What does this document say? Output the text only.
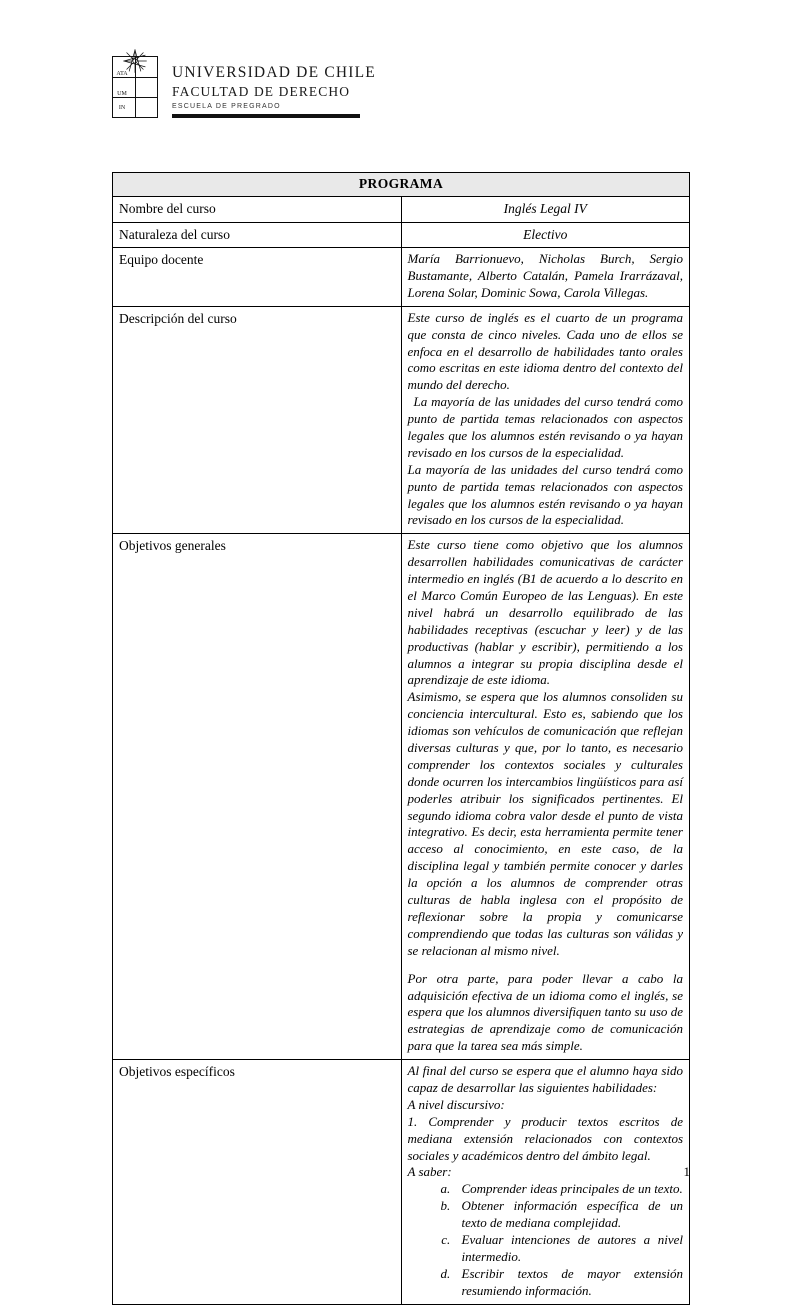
ATA
UM
IN
UNIVERSIDAD DE CHILE
FACULTAD DE DERECHO
ESCUELA DE PREGRADO
PROGRAMA	
Nombre del curso	Inglés Legal IV
Naturaleza del curso	Electivo
Equipo docente	María Barrionuevo, Nicholas Burch, Sergio Bustamante, Alberto Catalán, Pamela Irarrázaval, Lorena Solar, Dominic Sowa, Carola Villegas.

Descripción del curso	Este curso de inglés es el cuarto de un programa que consta de cinco niveles. Cada uno de ellos se enfoca en el desarrollo de habilidades tanto orales como escritas en este idioma dentro del contexto del mundo del derecho.

La mayoría de las unidades del curso tendrá como punto de partida temas relacionados con aspectos legales que los alumnos estén revisando o ya hayan revisado en los cursos de la especialidad.

La mayoría de las unidades del curso tendrá como punto de partida temas relacionados con aspectos legales que los alumnos estén revisando o ya hayan revisado en los cursos de la especialidad.

Objetivos generales	Este curso tiene como objetivo que los alumnos desarrollen habilidades comunicativas de carácter intermedio en inglés (B1 de acuerdo a lo descrito en el Marco Común Europeo de las Lenguas). En este nivel habrá un desarrollo equilibrado de las habilidades receptivas (escuchar y leer) y de las productivas (hablar y escribir), permitiendo a los alumnos a integrar su propia disciplina desde el aprendizaje de este idioma.

Asimismo, se espera que los alumnos consoliden su conciencia intercultural. Esto es, sabiendo que los idiomas son vehículos de comunicación que reflejan diversas culturas y que, por lo tanto, es necesario comprender los contextos sociales y culturales donde ocurren los intercambios lingüísticos para así poderles atribuir los significados pertinentes. El segundo idioma cobra valor desde el punto de vista integrativo. Es decir, esta herramienta permite tener acceso al conocimiento, en este caso, de la disciplina legal y también permite conocer y darles la opción a los alumnos de comprender otras culturas de habla inglesa con el propósito de reflexionar sobre la propia y comunicarse comprendiendo que todas las culturas son válidas y se relacionan al mismo nivel.

Por otra parte, para poder llevar a cabo la adquisición efectiva de un idioma como el inglés, se espera que los alumnos diversifiquen tanto su uso de estrategias de aprendizaje como de comunicación para que la tarea sea más simple.

Objetivos específicos	Al final del curso se espera que el alumno haya sido capaz de desarrollar las siguientes habilidades:

A nivel discursivo:

1. Comprender y producir textos escritos de mediana extensión relacionados con contextos sociales y académicos dentro del ámbito legal.

A saber:

a. Comprender ideas principales de un texto.
b. Obtener información específica de un texto de mediana complejidad.
c. Evaluar intenciones de autores a nivel intermedio.
d. Escribir textos de mayor extensión resumiendo información.
1
